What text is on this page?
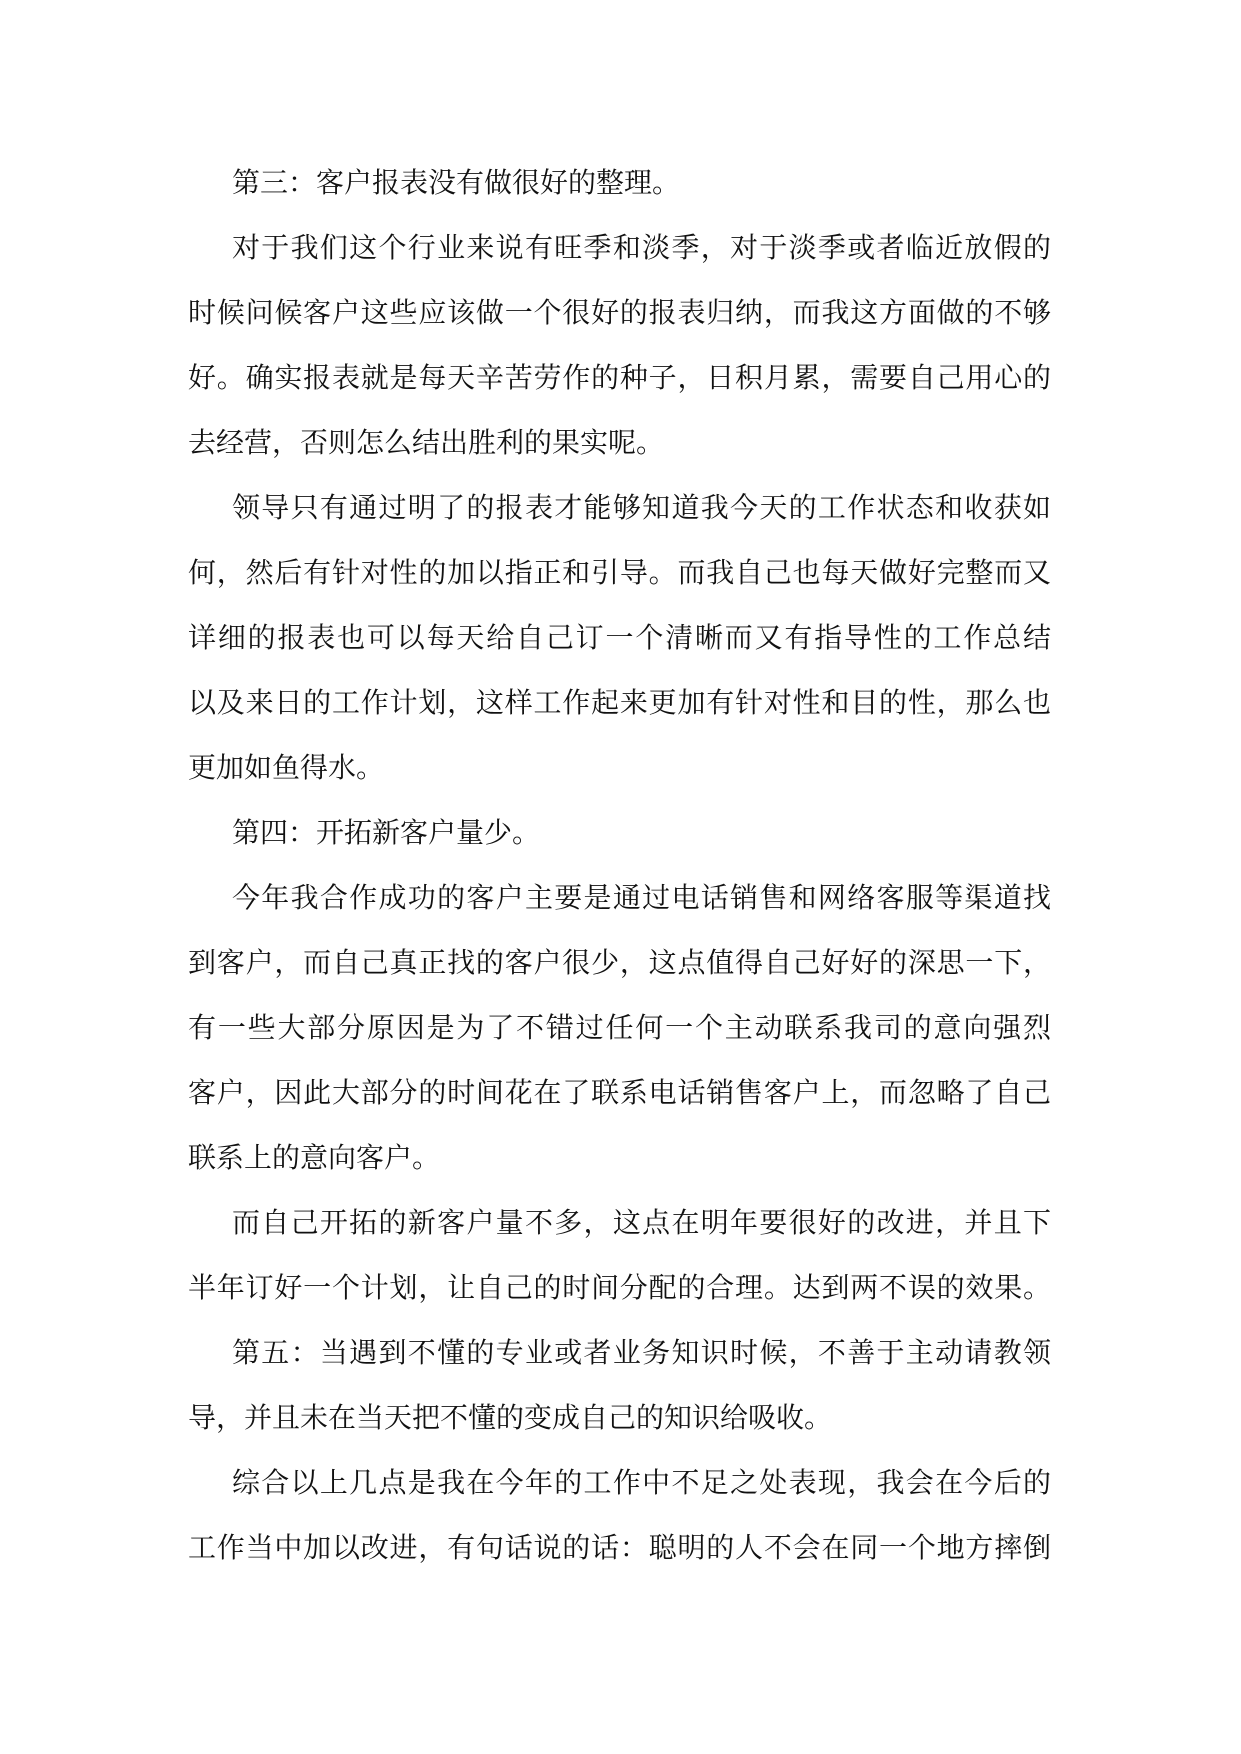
第三：客户报表没有做很好的整理。
对于我们这个行业来说有旺季和淡季，对于淡季或者临近放假的
时候问候客户这些应该做一个很好的报表归纳，而我这方面做的不够
好。确实报表就是每天辛苦劳作的种子，日积月累，需要自己用心的
去经营，否则怎么结出胜利的果实呢。
领导只有通过明了的报表才能够知道我今天的工作状态和收获如
何，然后有针对性的加以指正和引导。而我自己也每天做好完整而又
详细的报表也可以每天给自己订一个清晰而又有指导性的工作总结
以及来日的工作计划，这样工作起来更加有针对性和目的性，那么也
更加如鱼得水。
第四：开拓新客户量少。
今年我合作成功的客户主要是通过电话销售和网络客服等渠道找
到客户，而自己真正找的客户很少，这点值得自己好好的深思一下，
有一些大部分原因是为了不错过任何一个主动联系我司的意向强烈
客户，因此大部分的时间花在了联系电话销售客户上，而忽略了自己
联系上的意向客户。
而自己开拓的新客户量不多，这点在明年要很好的改进，并且下
半年订好一个计划，让自己的时间分配的合理。达到两不误的效果。
第五：当遇到不懂的专业或者业务知识时候，不善于主动请教领
导，并且未在当天把不懂的变成自己的知识给吸收。
综合以上几点是我在今年的工作中不足之处表现，我会在今后的
工作当中加以改进，有句话说的话：聪明的人不会在同一个地方摔倒
